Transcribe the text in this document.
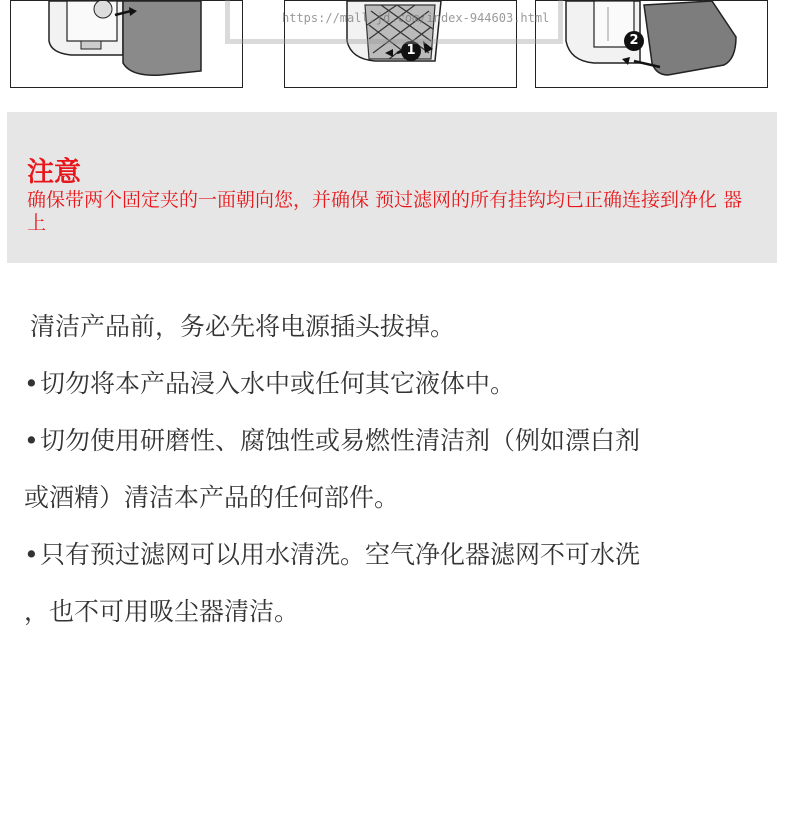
1
2
https://mall.jd.com/index-944603.html
注意
确保带两个固定夹的一面朝向您，并确保 预过滤网的所有挂钩均已正确连接到净化 器上
清洁产品前，务必先将电源插头拔掉。
•切勿将本产品浸入水中或任何其它液体中。
•切勿使用研磨性、腐蚀性或易燃性清洁剂（例如漂白剂
或酒精）清洁本产品的任何部件。
•只有预过滤网可以用水清洗。空气净化器滤网不可水洗
，也不可用吸尘器清洁。
